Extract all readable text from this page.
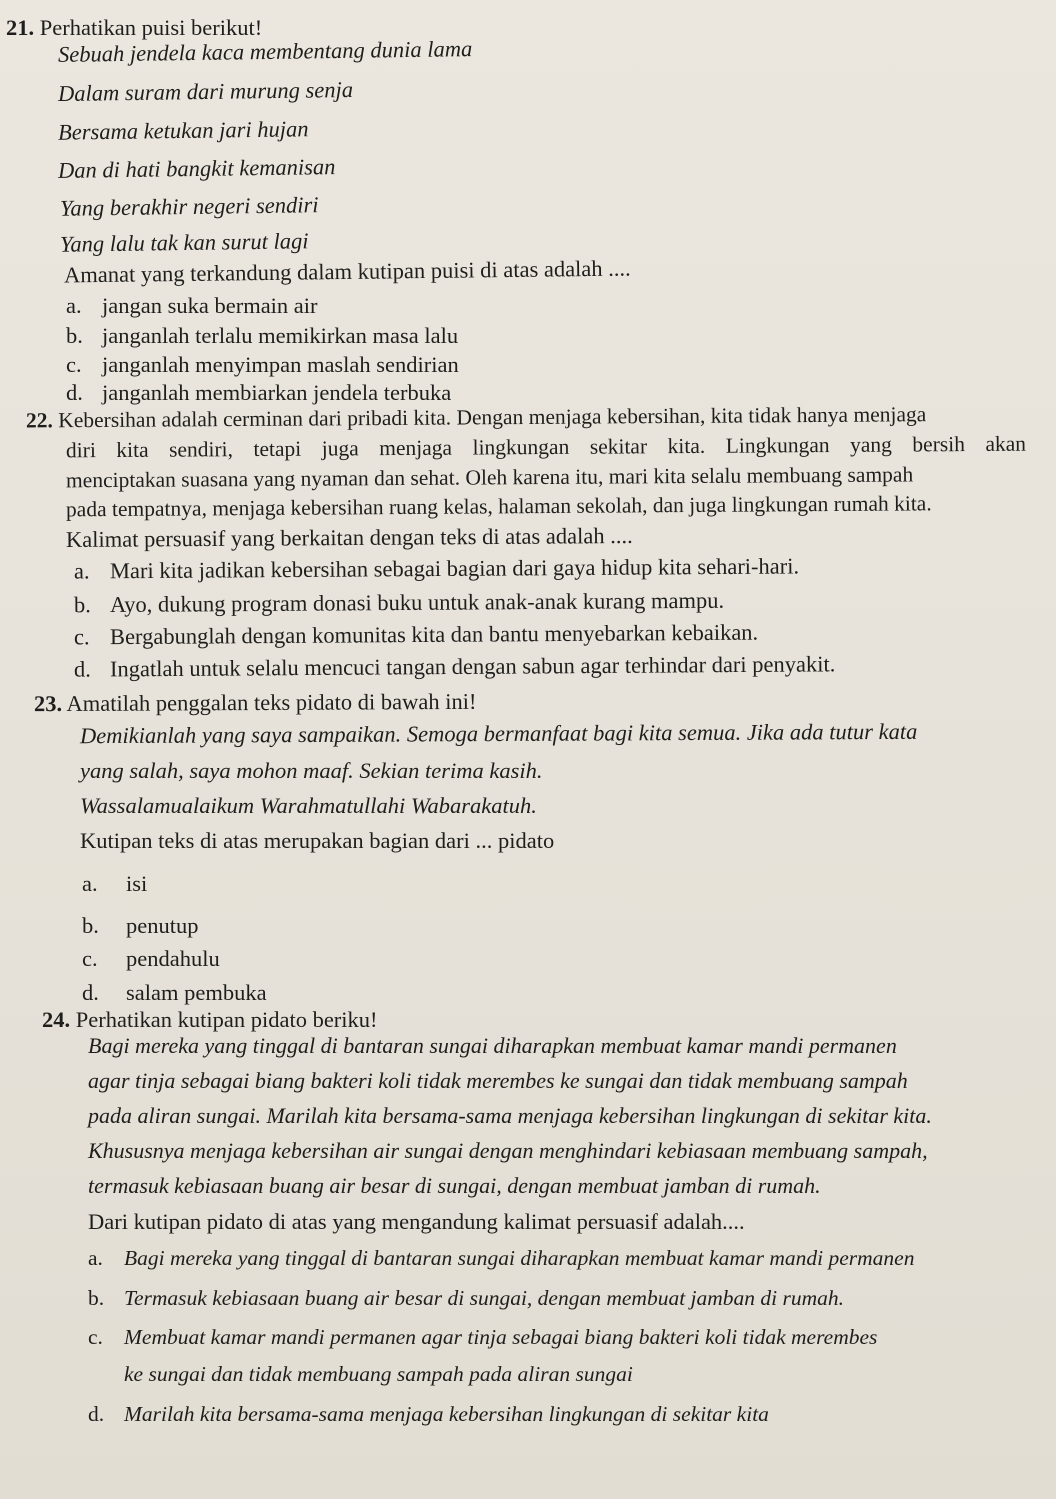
21. Perhatikan puisi berikut!
Sebuah jendela kaca membentang dunia lama
Dalam suram dari murung senja
Bersama ketukan jari hujan
Dan di hati bangkit kemanisan
Yang berakhir negeri sendiri
Yang lalu tak kan surut lagi
Amanat yang terkandung dalam kutipan puisi di atas adalah ....
a. jangan suka bermain air
b. janganlah terlalu memikirkan masa lalu
c. janganlah menyimpan maslah sendirian
d. janganlah membiarkan jendela terbuka
22. Kebersihan adalah cerminan dari pribadi kita. Dengan menjaga kebersihan, kita tidak hanya menjaga
diri kita sendiri, tetapi juga menjaga lingkungan sekitar kita. Lingkungan yang bersih akan
menciptakan suasana yang nyaman dan sehat. Oleh karena itu, mari kita selalu membuang sampah
pada tempatnya, menjaga kebersihan ruang kelas, halaman sekolah, dan juga lingkungan rumah kita.
Kalimat persuasif yang berkaitan dengan teks di atas adalah ....
a. Mari kita jadikan kebersihan sebagai bagian dari gaya hidup kita sehari-hari.
b. Ayo, dukung program donasi buku untuk anak-anak kurang mampu.
c. Bergabunglah dengan komunitas kita dan bantu menyebarkan kebaikan.
d. Ingatlah untuk selalu mencuci tangan dengan sabun agar terhindar dari penyakit.
23. Amatilah penggalan teks pidato di bawah ini!
Demikianlah yang saya sampaikan. Semoga bermanfaat bagi kita semua. Jika ada tutur kata
yang salah, saya mohon maaf. Sekian terima kasih.
Wassalamualaikum Warahmatullahi Wabarakatuh.
Kutipan teks di atas merupakan bagian dari ... pidato
a. isi
b. penutup
c. pendahulu
d. salam pembuka
24. Perhatikan kutipan pidato beriku!
Bagi mereka yang tinggal di bantaran sungai diharapkan membuat kamar mandi permanen
agar tinja sebagai biang bakteri koli tidak merembes ke sungai dan tidak membuang sampah
pada aliran sungai. Marilah kita bersama-sama menjaga kebersihan lingkungan di sekitar kita.
Khususnya menjaga kebersihan air sungai dengan menghindari kebiasaan membuang sampah,
termasuk kebiasaan buang air besar di sungai, dengan membuat jamban di rumah.
Dari kutipan pidato di atas yang mengandung kalimat persuasif adalah....
a. Bagi mereka yang tinggal di bantaran sungai diharapkan membuat kamar mandi permanen
b. Termasuk kebiasaan buang air besar di sungai, dengan membuat jamban di rumah.
c. Membuat kamar mandi permanen agar tinja sebagai biang bakteri koli tidak merembes
ke sungai dan tidak membuang sampah pada aliran sungai
d. Marilah kita bersama-sama menjaga kebersihan lingkungan di sekitar kita
